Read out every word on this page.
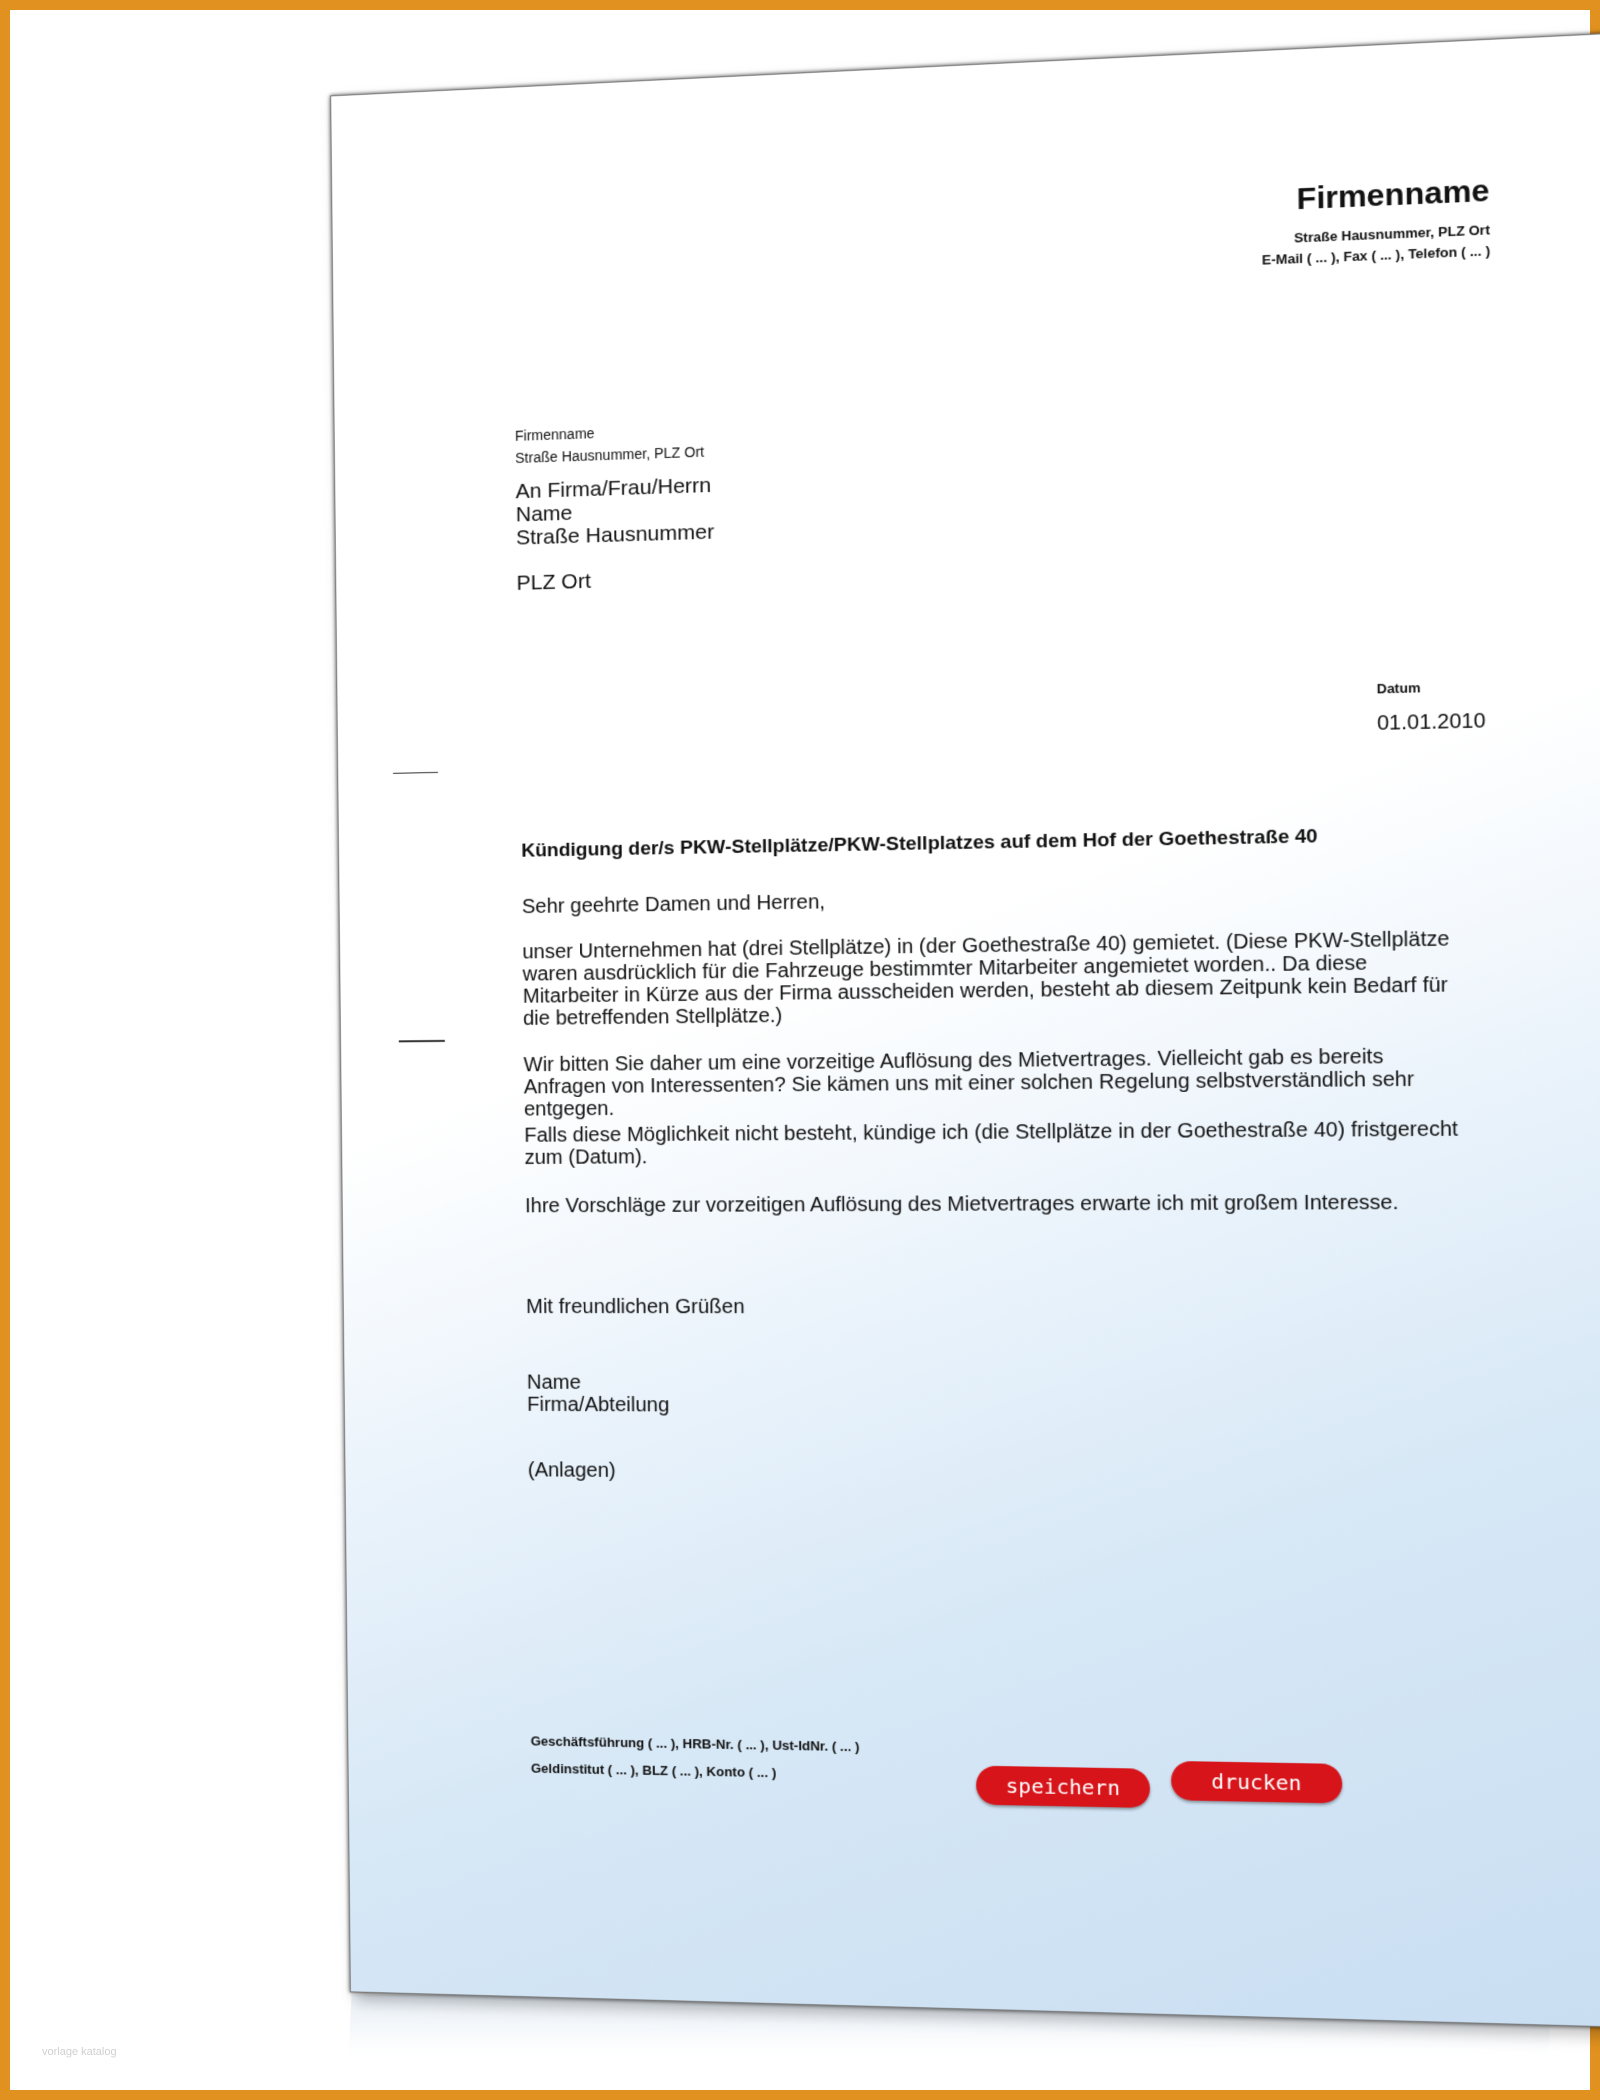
Firmenname
Straße Hausnummer, PLZ Ort
E-Mail ( ... ), Fax ( ... ), Telefon ( ... )
Firmenname
Straße Hausnummer, PLZ Ort
An Firma/Frau/Herrn
Name
Straße Hausnummer
PLZ Ort
Datum
01.01.2010
Kündigung der/s PKW-Stellplätze/PKW-Stellplatzes auf dem Hof der Goethestraße 40
Sehr geehrte Damen und Herren,
unser Unternehmen hat (drei Stellplätze) in (der Goethestraße 40) gemietet. (Diese PKW-Stellplätze waren ausdrücklich für die Fahrzeuge bestimmter Mitarbeiter angemietet worden.. Da diese Mitarbeiter in Kürze aus der Firma ausscheiden werden, besteht ab diesem Zeitpunk kein Bedarf für die betreffenden Stellplätze.)
Wir bitten Sie daher um eine vorzeitige Auflösung des Mietvertrages. Vielleicht gab es bereits Anfragen von Interessenten? Sie kämen uns mit einer solchen Regelung selbstverständlich sehr entgegen.
Falls diese Möglichkeit nicht besteht, kündige ich (die Stellplätze in der Goethestraße 40) fristgerecht zum (Datum).
Ihre Vorschläge zur vorzeitigen Auflösung des Mietvertrages erwarte ich mit großem Interesse.
Mit freundlichen Grüßen
Name
Firma/Abteilung
(Anlagen)
Geschäftsführung ( ... ), HRB-Nr. ( ... ), Ust-IdNr. ( ... )
Geldinstitut ( ... ), BLZ ( ... ), Konto ( ... )
speichern	drucken
vorlage katalog
